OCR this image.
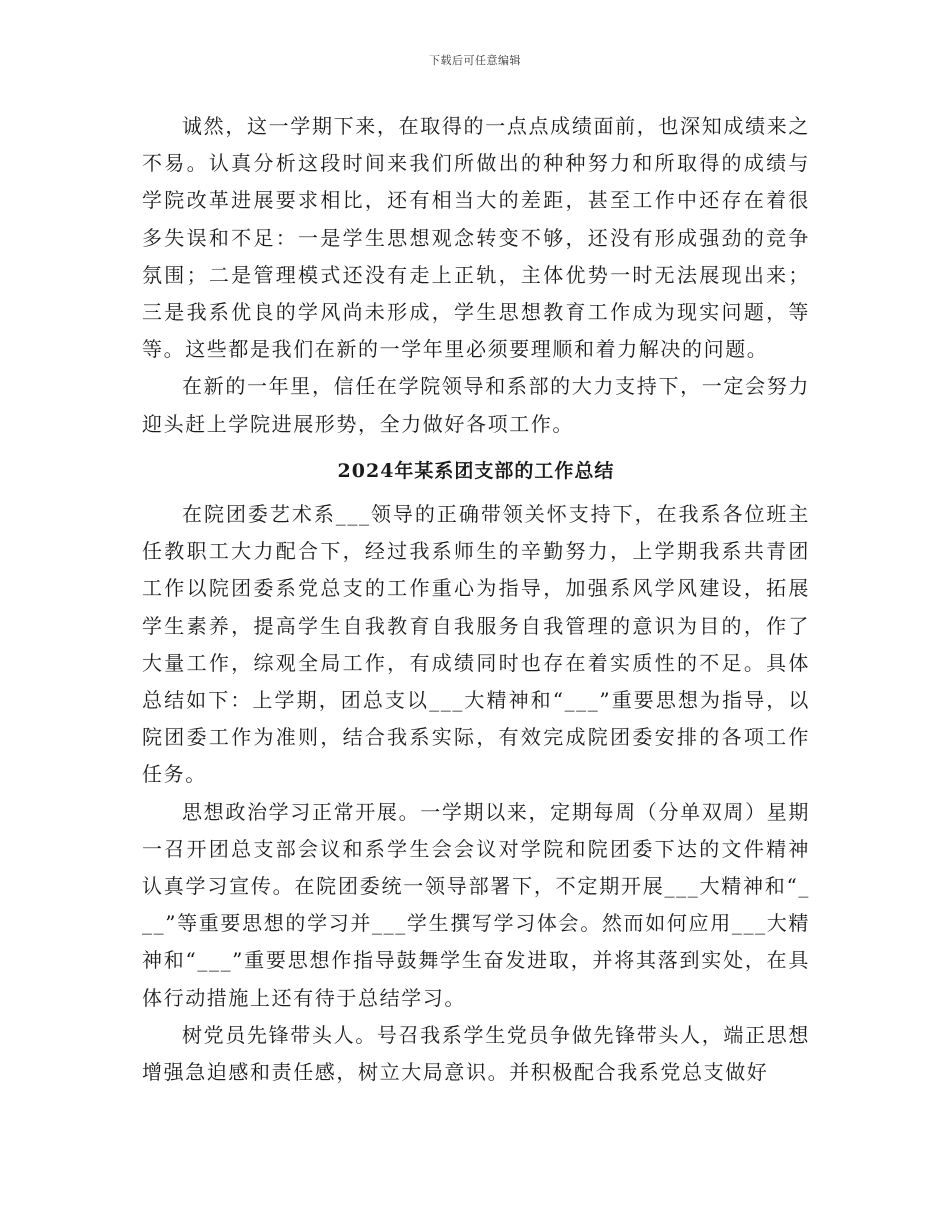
下载后可任意编辑

诚然，这一学期下来，在取得的一点点成绩面前，也深知成绩来之不易。认真分析这段时间来我们所做出的种种努力和所取得的成绩与学院改革进展要求相比，还有相当大的差距，甚至工作中还存在着很多失误和不足：一是学生思想观念转变不够，还没有形成强劲的竞争氛围；二是管理模式还没有走上正轨，主体优势一时无法展现出来；三是我系优良的学风尚未形成，学生思想教育工作成为现实问题，等等。这些都是我们在新的一学年里必须要理顺和着力解决的问题。

在新的一年里，信任在学院领导和系部的大力支持下，一定会努力迎头赶上学院进展形势，全力做好各项工作。

2024年某系团支部的工作总结

在院团委艺术系___领导的正确带领关怀支持下，在我系各位班主任教职工大力配合下，经过我系师生的辛勤努力，上学期我系共青团工作以院团委系党总支的工作重心为指导，加强系风学风建设，拓展学生素养，提高学生自我教育自我服务自我管理的意识为目的，作了大量工作，综观全局工作，有成绩同时也存在着实质性的不足。具体总结如下：上学期，团总支以___大精神和“___”重要思想为指导，以院团委工作为准则，结合我系实际，有效完成院团委安排的各项工作任务。

思想政治学习正常开展。一学期以来，定期每周（分单双周）星期一召开团总支部会议和系学生会会议对学院和院团委下达的文件精神认真学习宣传。在院团委统一领导部署下，不定期开展___大精神和“___”等重要思想的学习并___学生撰写学习体会。然而如何应用___大精神和“___”重要思想作指导鼓舞学生奋发进取，并将其落到实处，在具体行动措施上还有待于总结学习。

树党员先锋带头人。号召我系学生党员争做先锋带头人，端正思想增强急迫感和责任感，树立大局意识。并积极配合我系党总支做好
